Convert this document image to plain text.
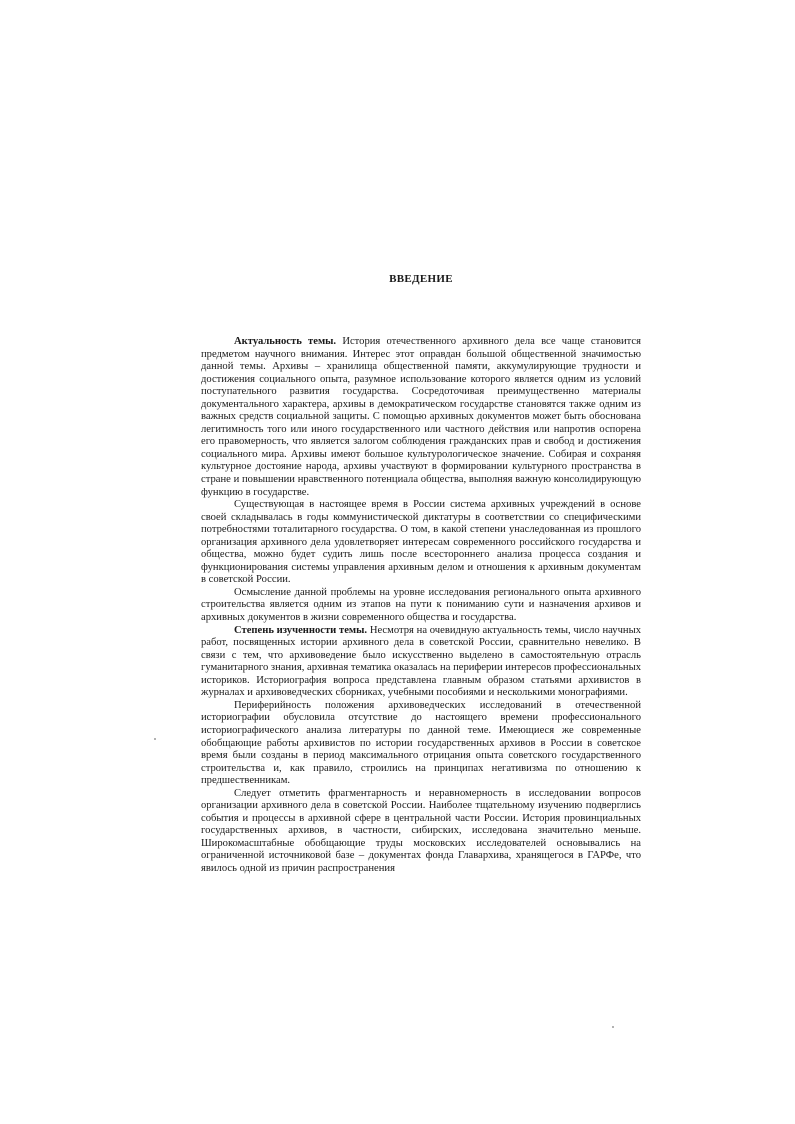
ВВЕДЕНИЕ

Актуальность темы. История отечественного архивного дела все чаще становится предметом научного внимания. Интерес этот оправдан большой общественной значимостью данной темы. Архивы – хранилища общественной памяти, аккумулирующие трудности и достижения социального опыта, разумное использование которого является одним из условий поступательного развития государства. Сосредоточивая преимущественно материалы документального характера, архивы в демократическом государстве становятся также одним из важных средств социальной защиты. С помощью архивных документов может быть обоснована легитимность того или иного государственного или частного действия или напротив оспорена его правомерность, что является залогом соблюдения гражданских прав и свобод и достижения социального мира. Архивы имеют большое культурологическое значение. Собирая и сохраняя культурное достояние народа, архивы участвуют в формировании культурного пространства в стране и повышении нравственного потенциала общества, выполняя важную консолидирующую функцию в государстве.

Существующая в настоящее время в России система архивных учреждений в основе своей складывалась в годы коммунистической диктатуры в соответствии со специфическими потребностями тоталитарного государства. О том, в какой степени унаследованная из прошлого организация архивного дела удовлетворяет интересам современного российского государства и общества, можно будет судить лишь после всестороннего анализа процесса создания и функционирования системы управления архивным делом и отношения к архивным документам в советской России.

Осмысление данной проблемы на уровне исследования регионального опыта архивного строительства является одним из этапов на пути к пониманию сути и назначения архивов и архивных документов в жизни современного общества и государства.

Степень изученности темы. Несмотря на очевидную актуальность темы, число научных работ, посвященных истории архивного дела в советской России, сравнительно невелико. В связи с тем, что архивоведение было искусственно выделено в самостоятельную отрасль гуманитарного знания, архивная тематика оказалась на периферии интересов профессиональных историков. Историография вопроса представлена главным образом статьями архивистов в журналах и архивоведческих сборниках, учебными пособиями и несколькими монографиями.

Периферийность положения архивоведческих исследований в отечественной историографии обусловила отсутствие до настоящего времени профессионального историографического анализа литературы по данной теме. Имеющиеся же современные обобщающие работы архивистов по истории государственных архивов в России в советское время были созданы в период максимального отрицания опыта советского государственного строительства и, как правило, строились на принципах негативизма по отношению к предшественникам.

Следует отметить фрагментарность и неравномерность в исследовании вопросов организации архивного дела в советской России. Наиболее тщательному изучению подверглись события и процессы в архивной сфере в центральной части России. История провинциальных государственных архивов, в частности, сибирских, исследована значительно меньше. Широкомасштабные обобщающие труды московских исследователей основывались на ограниченной источниковой базе – документах фонда Главархива, хранящегося в ГАРФе, что явилось одной из причин распространения
